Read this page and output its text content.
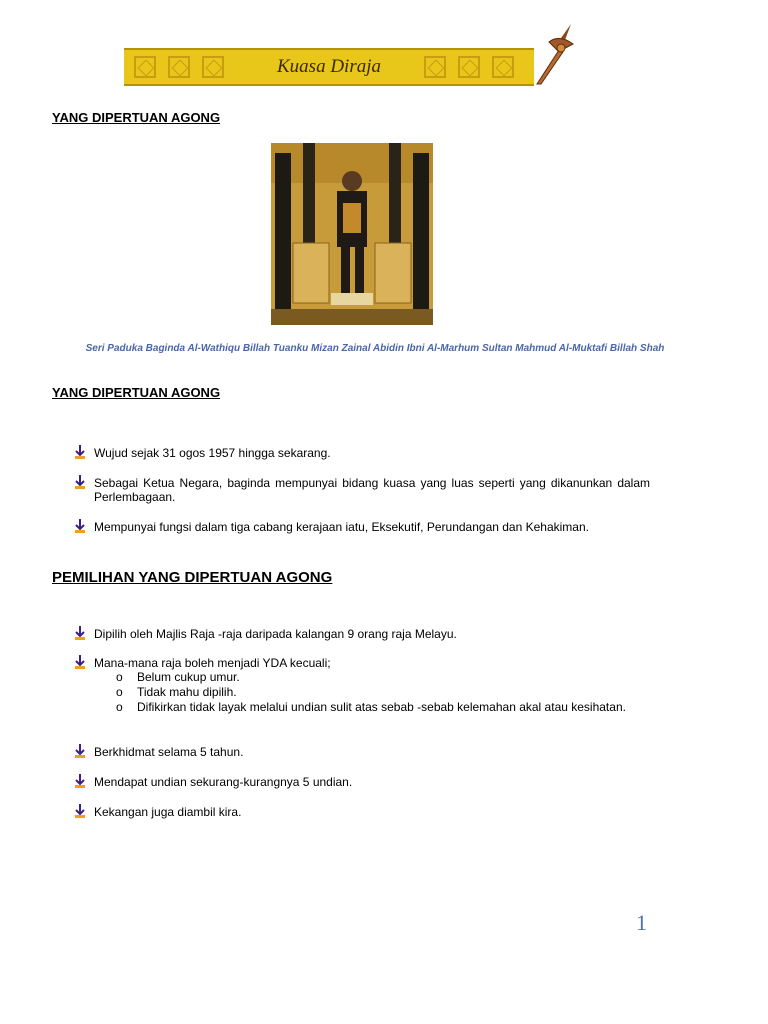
Kuasa Diraja
YANG DIPERTUAN AGONG
Seri Paduka Baginda Al-Wathiqu Billah Tuanku Mizan Zainal Abidin Ibni Al-Marhum Sultan Mahmud Al-Muktafi Billah Shah
YANG DIPERTUAN AGONG
Wujud sejak 31 ogos 1957 hingga sekarang.
Sebagai Ketua Negara, baginda mempunyai bidang kuasa yang luas seperti yang dikanunkan dalam Perlembagaan.
Mempunyai fungsi dalam tiga cabang kerajaan iatu, Eksekutif, Perundangan dan Kehakiman.
PEMILIHAN YANG DIPERTUAN AGONG
Dipilih oleh Majlis Raja -raja daripada kalangan 9 orang raja Melayu.
Mana-mana raja boleh menjadi YDA kecuali;
o Belum cukup umur.
o Tidak mahu dipilih.
o Difikirkan tidak layak melalui undian sulit atas sebab -sebab kelemahan akal atau kesihatan.
Berkhidmat selama 5 tahun.
Mendapat undian sekurang-kurangnya 5 undian.
Kekangan juga diambil kira.
1
